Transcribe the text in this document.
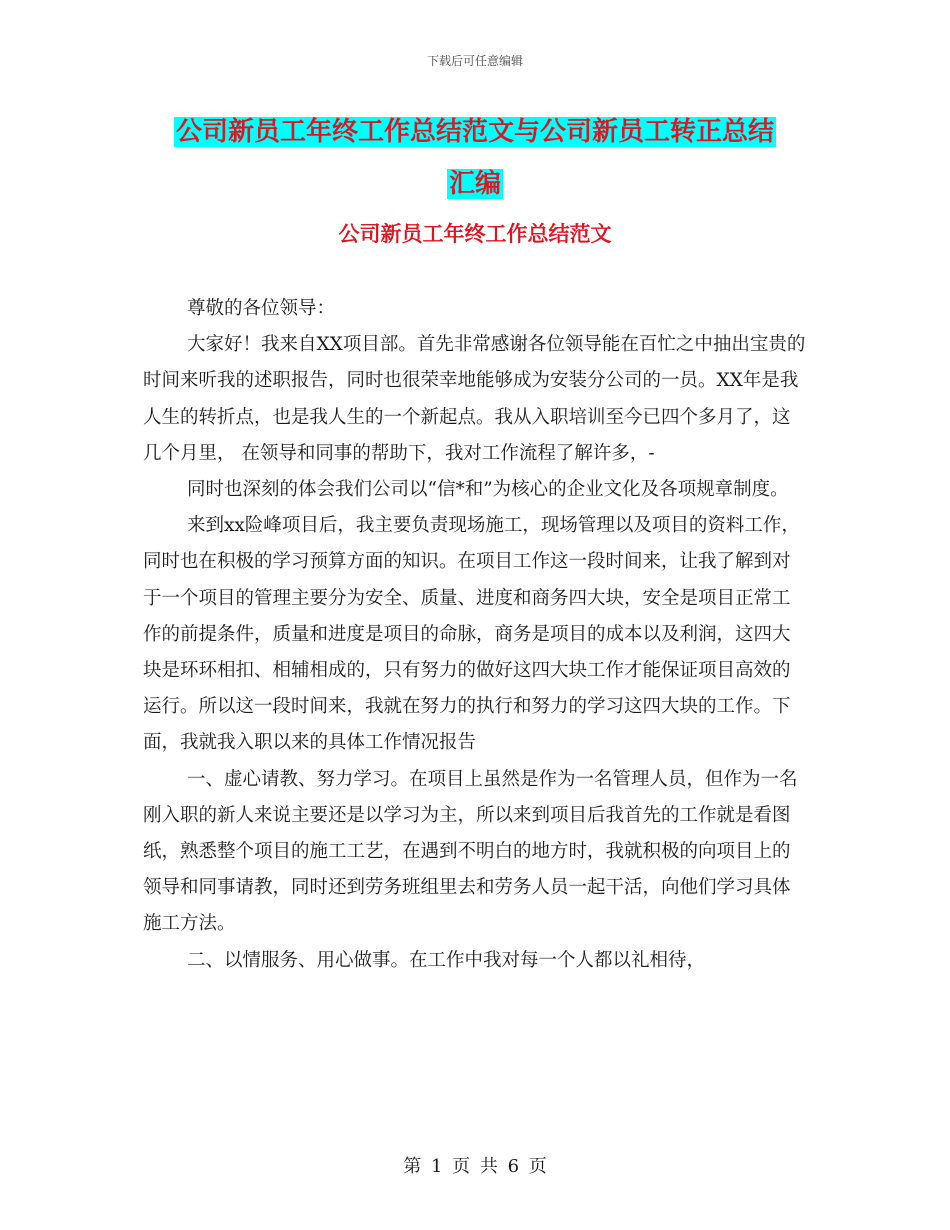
下载后可任意编辑
公司新员工年终工作总结范文与公司新员工转正总结
汇编
公司新员工年终工作总结范文

尊敬的各位领导：

大家好！我来自XX项目部。首先非常感谢各位领导能在百忙之中抽出宝贵的时间来听我的述职报告，同时也很荣幸地能够成为安装分公司的一员。XX年是我人生的转折点，也是我人生的一个新起点。我从入职培训至今已四个多月了，这几个月里， 在领导和同事的帮助下，我对工作流程了解许多，-

同时也深刻的体会我们公司以“信*和”为核心的企业文化及各项规章制度。

来到xx险峰项目后，我主要负责现场施工，现场管理以及项目的资料工作，同时也在积极的学习预算方面的知识。在项目工作这一段时间来，让我了解到对于一个项目的管理主要分为安全、质量、进度和商务四大块，安全是项目正常工作的前提条件，质量和进度是项目的命脉，商务是项目的成本以及利润，这四大块是环环相扣、相辅相成的，只有努力的做好这四大块工作才能保证项目高效的运行。所以这一段时间来，我就在努力的执行和努力的学习这四大块的工作。下面，我就我入职以来的具体工作情况报告

一、虚心请教、努力学习。在项目上虽然是作为一名管理人员，但作为一名刚入职的新人来说主要还是以学习为主，所以来到项目后我首先的工作就是看图纸，熟悉整个项目的施工工艺，在遇到不明白的地方时，我就积极的向项目上的领导和同事请教，同时还到劳务班组里去和劳务人员一起干活，向他们学习具体施工方法。

二、以情服务、用心做事。在工作中我对每一个人都以礼相待，

第 1 页 共 6 页
